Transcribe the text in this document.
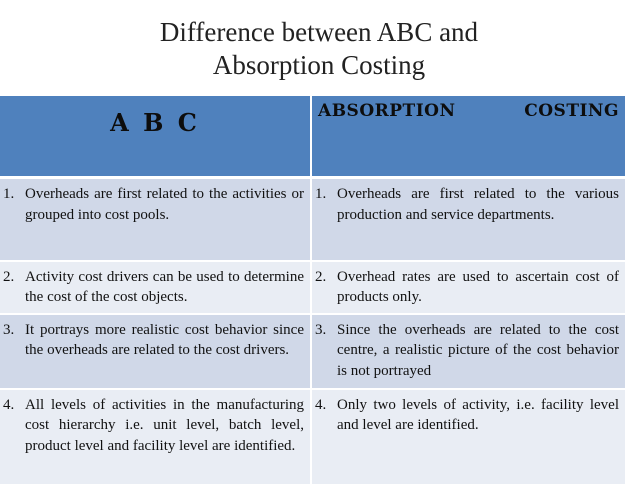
Difference between ABC and
Absorption Costing
A B C	ABSORPTION COSTING

1. Overheads are first related to the activities or grouped into cost pools.	1. Overheads are first related to the various production and service departments.

2. Activity cost drivers can be used to determine the cost of the cost objects.	2. Overhead rates are used to ascertain cost of products only.

3. It portrays more realistic cost behavior since the overheads are related to the cost drivers.	3. Since the overheads are related to the cost centre, a realistic picture of the cost behavior is not portrayed

4. All levels of activities in the manufacturing cost hierarchy i.e. unit level, batch level, product level and facility level are identified.	4. Only two levels of activity, i.e. facility level and level are identified.
